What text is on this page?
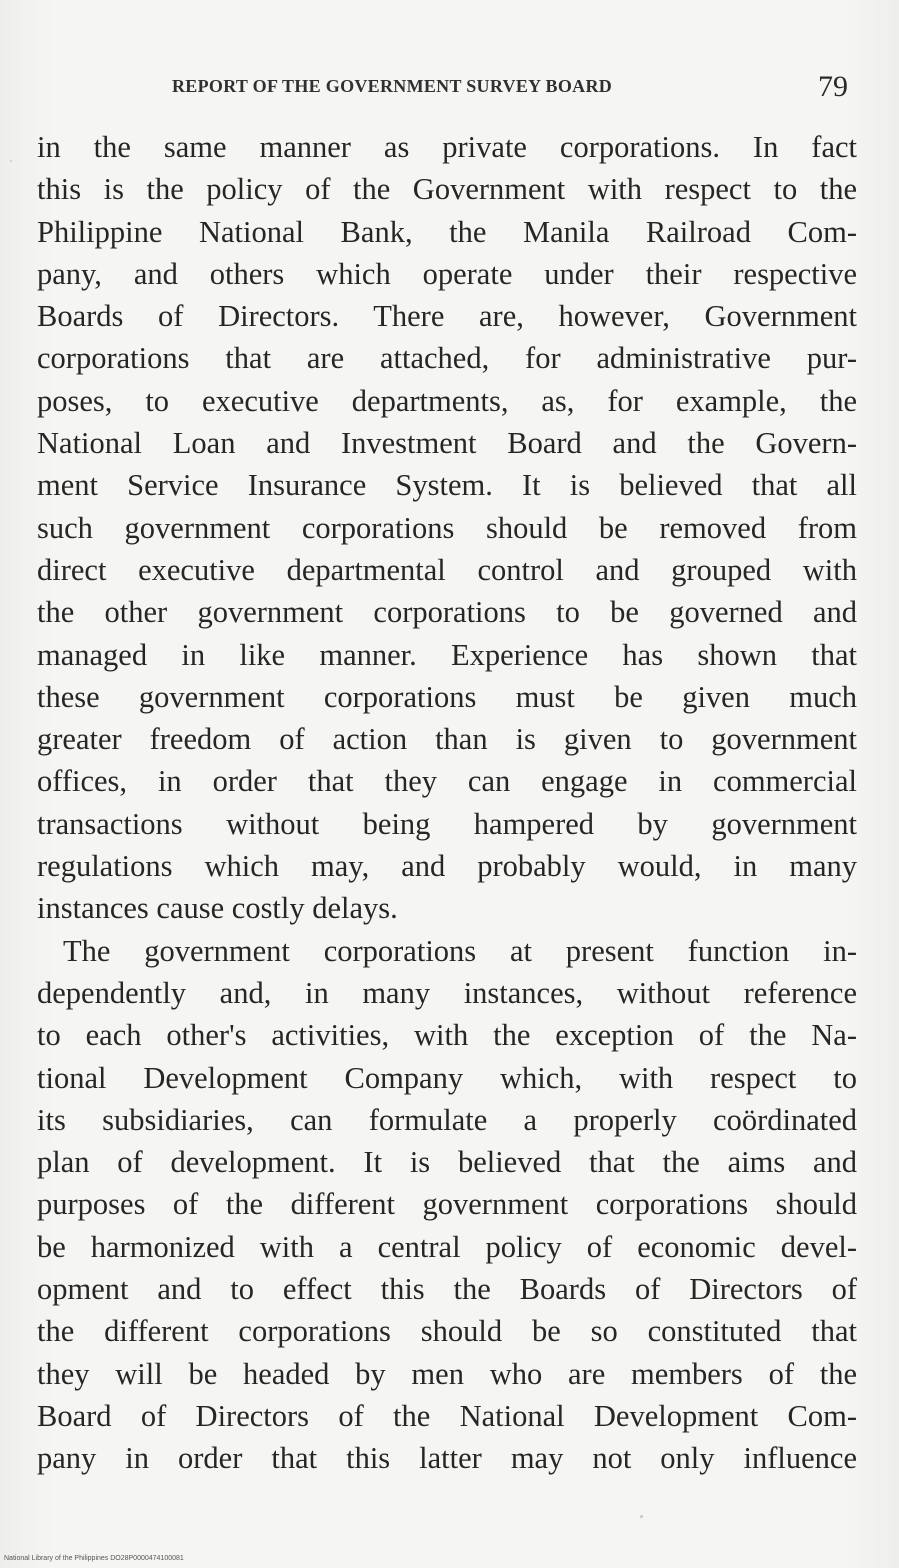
REPORT OF THE GOVERNMENT SURVEY BOARD	79
in the same manner as private corporations. In fact
this is the policy of the Government with respect to the
Philippine National Bank, the Manila Railroad Com-
pany, and others which operate under their respective
Boards of Directors. There are, however, Government
corporations that are attached, for administrative pur-
poses, to executive departments, as, for example, the
National Loan and Investment Board and the Govern-
ment Service Insurance System. It is believed that all
such government corporations should be removed from
direct executive departmental control and grouped with
the other government corporations to be governed and
managed in like manner. Experience has shown that
these government corporations must be given much
greater freedom of action than is given to government
offices, in order that they can engage in commercial
transactions without being hampered by government
regulations which may, and probably would, in many
instances cause costly delays.
The government corporations at present function in-
dependently and, in many instances, without reference
to each other's activities, with the exception of the Na-
tional Development Company which, with respect to
its subsidiaries, can formulate a properly coördinated
plan of development. It is believed that the aims and
purposes of the different government corporations should
be harmonized with a central policy of economic devel-
opment and to effect this the Boards of Directors of
the different corporations should be so constituted that
they will be headed by men who are members of the
Board of Directors of the National Development Com-
pany in order that this latter may not only influence
National Library of the Philippines DO28P0000474100081
